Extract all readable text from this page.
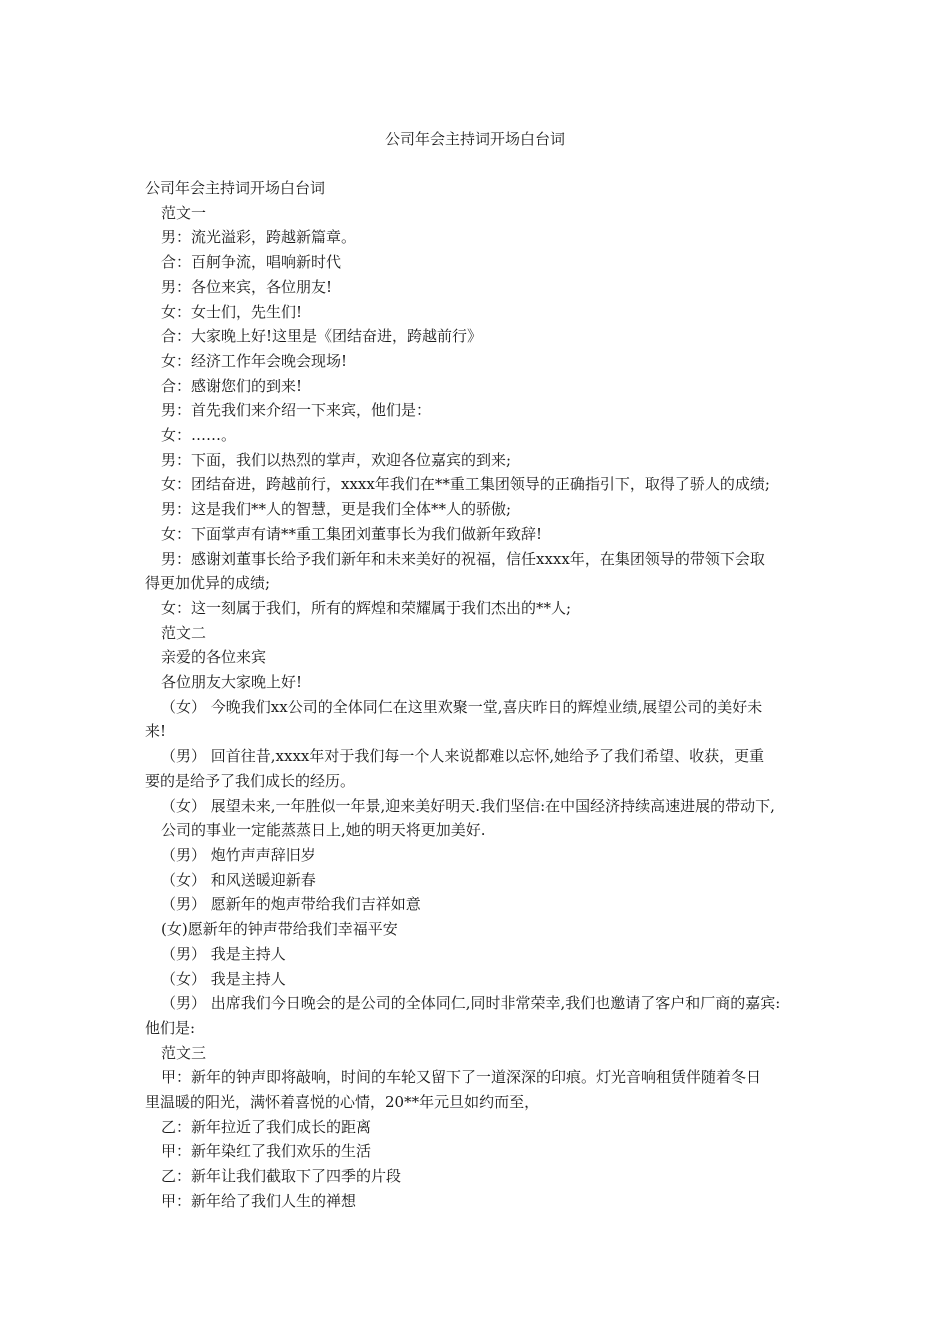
公司年会主持词开场白台词

公司年会主持词开场白台词

范文一

男：流光溢彩，跨越新篇章。

合：百舸争流，唱响新时代

男：各位来宾，各位朋友!

女：女士们，先生们!

合：大家晚上好!这里是《团结奋进，跨越前行》

女：经济工作年会晚会现场!

合：感谢您们的到来!

男：首先我们来介绍一下来宾，他们是：

女：……。

男：下面，我们以热烈的掌声，欢迎各位嘉宾的到来;

女：团结奋进，跨越前行，xxxx年我们在**重工集团领导的正确指引下，取得了骄人的成绩;

男：这是我们**人的智慧，更是我们全体**人的骄傲;

女：下面掌声有请**重工集团刘董事长为我们做新年致辞!

男：感谢刘董事长给予我们新年和未来美好的祝福，信任xxxx年，在集团领导的带领下会取

得更加优异的成绩;

女：这一刻属于我们，所有的辉煌和荣耀属于我们杰出的**人;

范文二

亲爱的各位来宾

各位朋友大家晚上好!

（女） 今晚我们xx公司的全体同仁在这里欢聚一堂,喜庆昨日的辉煌业绩,展望公司的美好未

来!

（男） 回首往昔,xxxx年对于我们每一个人来说都难以忘怀,她给予了我们希望、收获，更重

要的是给予了我们成长的经历。

（女） 展望未来,一年胜似一年景,迎来美好明天.我们坚信:在中国经济持续高速进展的带动下,

公司的事业一定能蒸蒸日上,她的明天将更加美好.

（男） 炮竹声声辞旧岁

（女） 和风送暖迎新春

（男） 愿新年的炮声带给我们吉祥如意

(女)愿新年的钟声带给我们幸福平安

（男） 我是主持人

（女） 我是主持人

（男） 出席我们今日晚会的是公司的全体同仁,同时非常荣幸,我们也邀请了客户和厂商的嘉宾:

他们是:

范文三

甲：新年的钟声即将敲响，时间的车轮又留下了一道深深的印痕。灯光音响租赁伴随着冬日

里温暖的阳光，满怀着喜悦的心情，20**年元旦如约而至，

乙：新年拉近了我们成长的距离

甲：新年染红了我们欢乐的生活

乙：新年让我们截取下了四季的片段

甲：新年给了我们人生的禅想
